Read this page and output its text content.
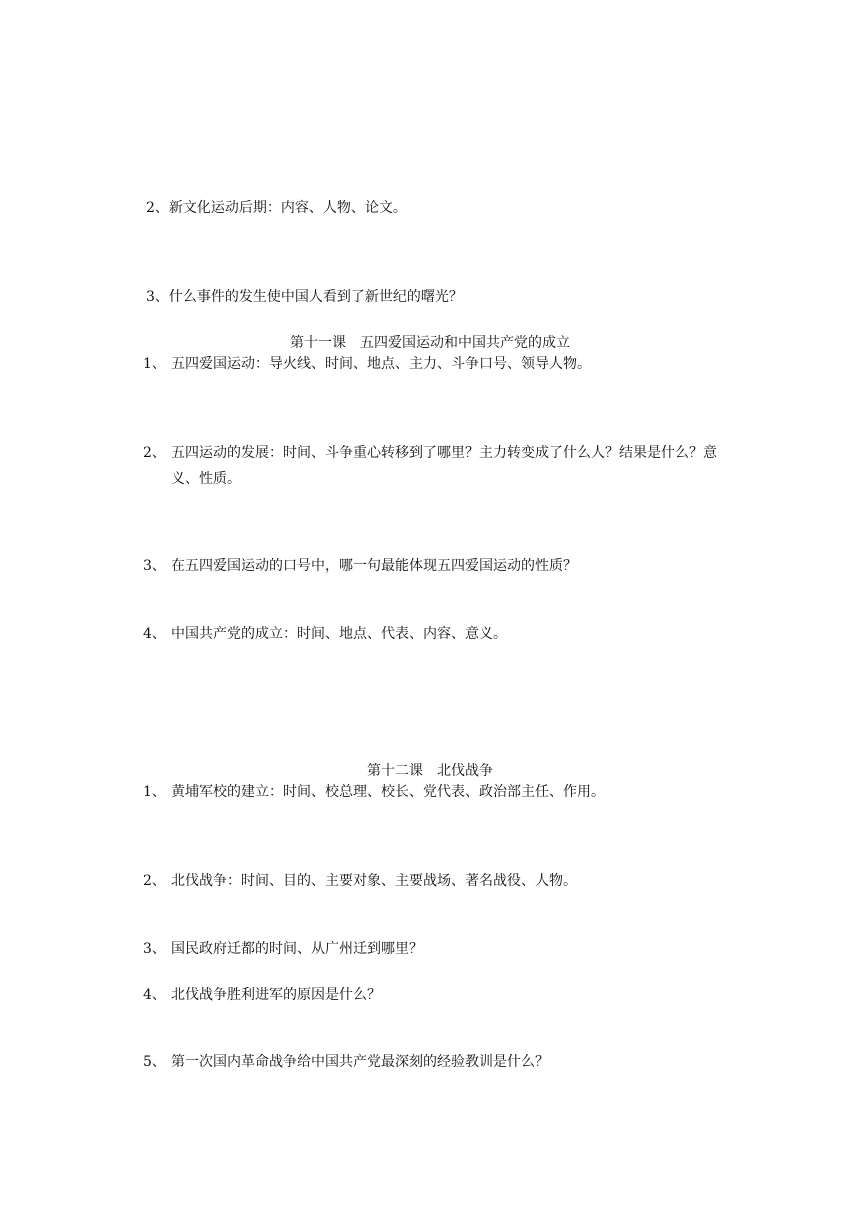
2、新文化运动后期：内容、人物、论文。
3、什么事件的发生使中国人看到了新世纪的曙光？
第十一课　五四爱国运动和中国共产党的成立
1、 五四爱国运动：导火线、时间、地点、主力、斗争口号、领导人物。
2、 五四运动的发展：时间、斗争重心转移到了哪里？主力转变成了什么人？结果是什么？意义、性质。
3、 在五四爱国运动的口号中，哪一句最能体现五四爱国运动的性质？
4、 中国共产党的成立：时间、地点、代表、内容、意义。
第十二课　北伐战争
1、 黄埔军校的建立：时间、校总理、校长、党代表、政治部主任、作用。
2、 北伐战争：时间、目的、主要对象、主要战场、著名战役、人物。
3、 国民政府迁都的时间、从广州迁到哪里？
4、 北伐战争胜利进军的原因是什么？
5、 第一次国内革命战争给中国共产党最深刻的经验教训是什么？
